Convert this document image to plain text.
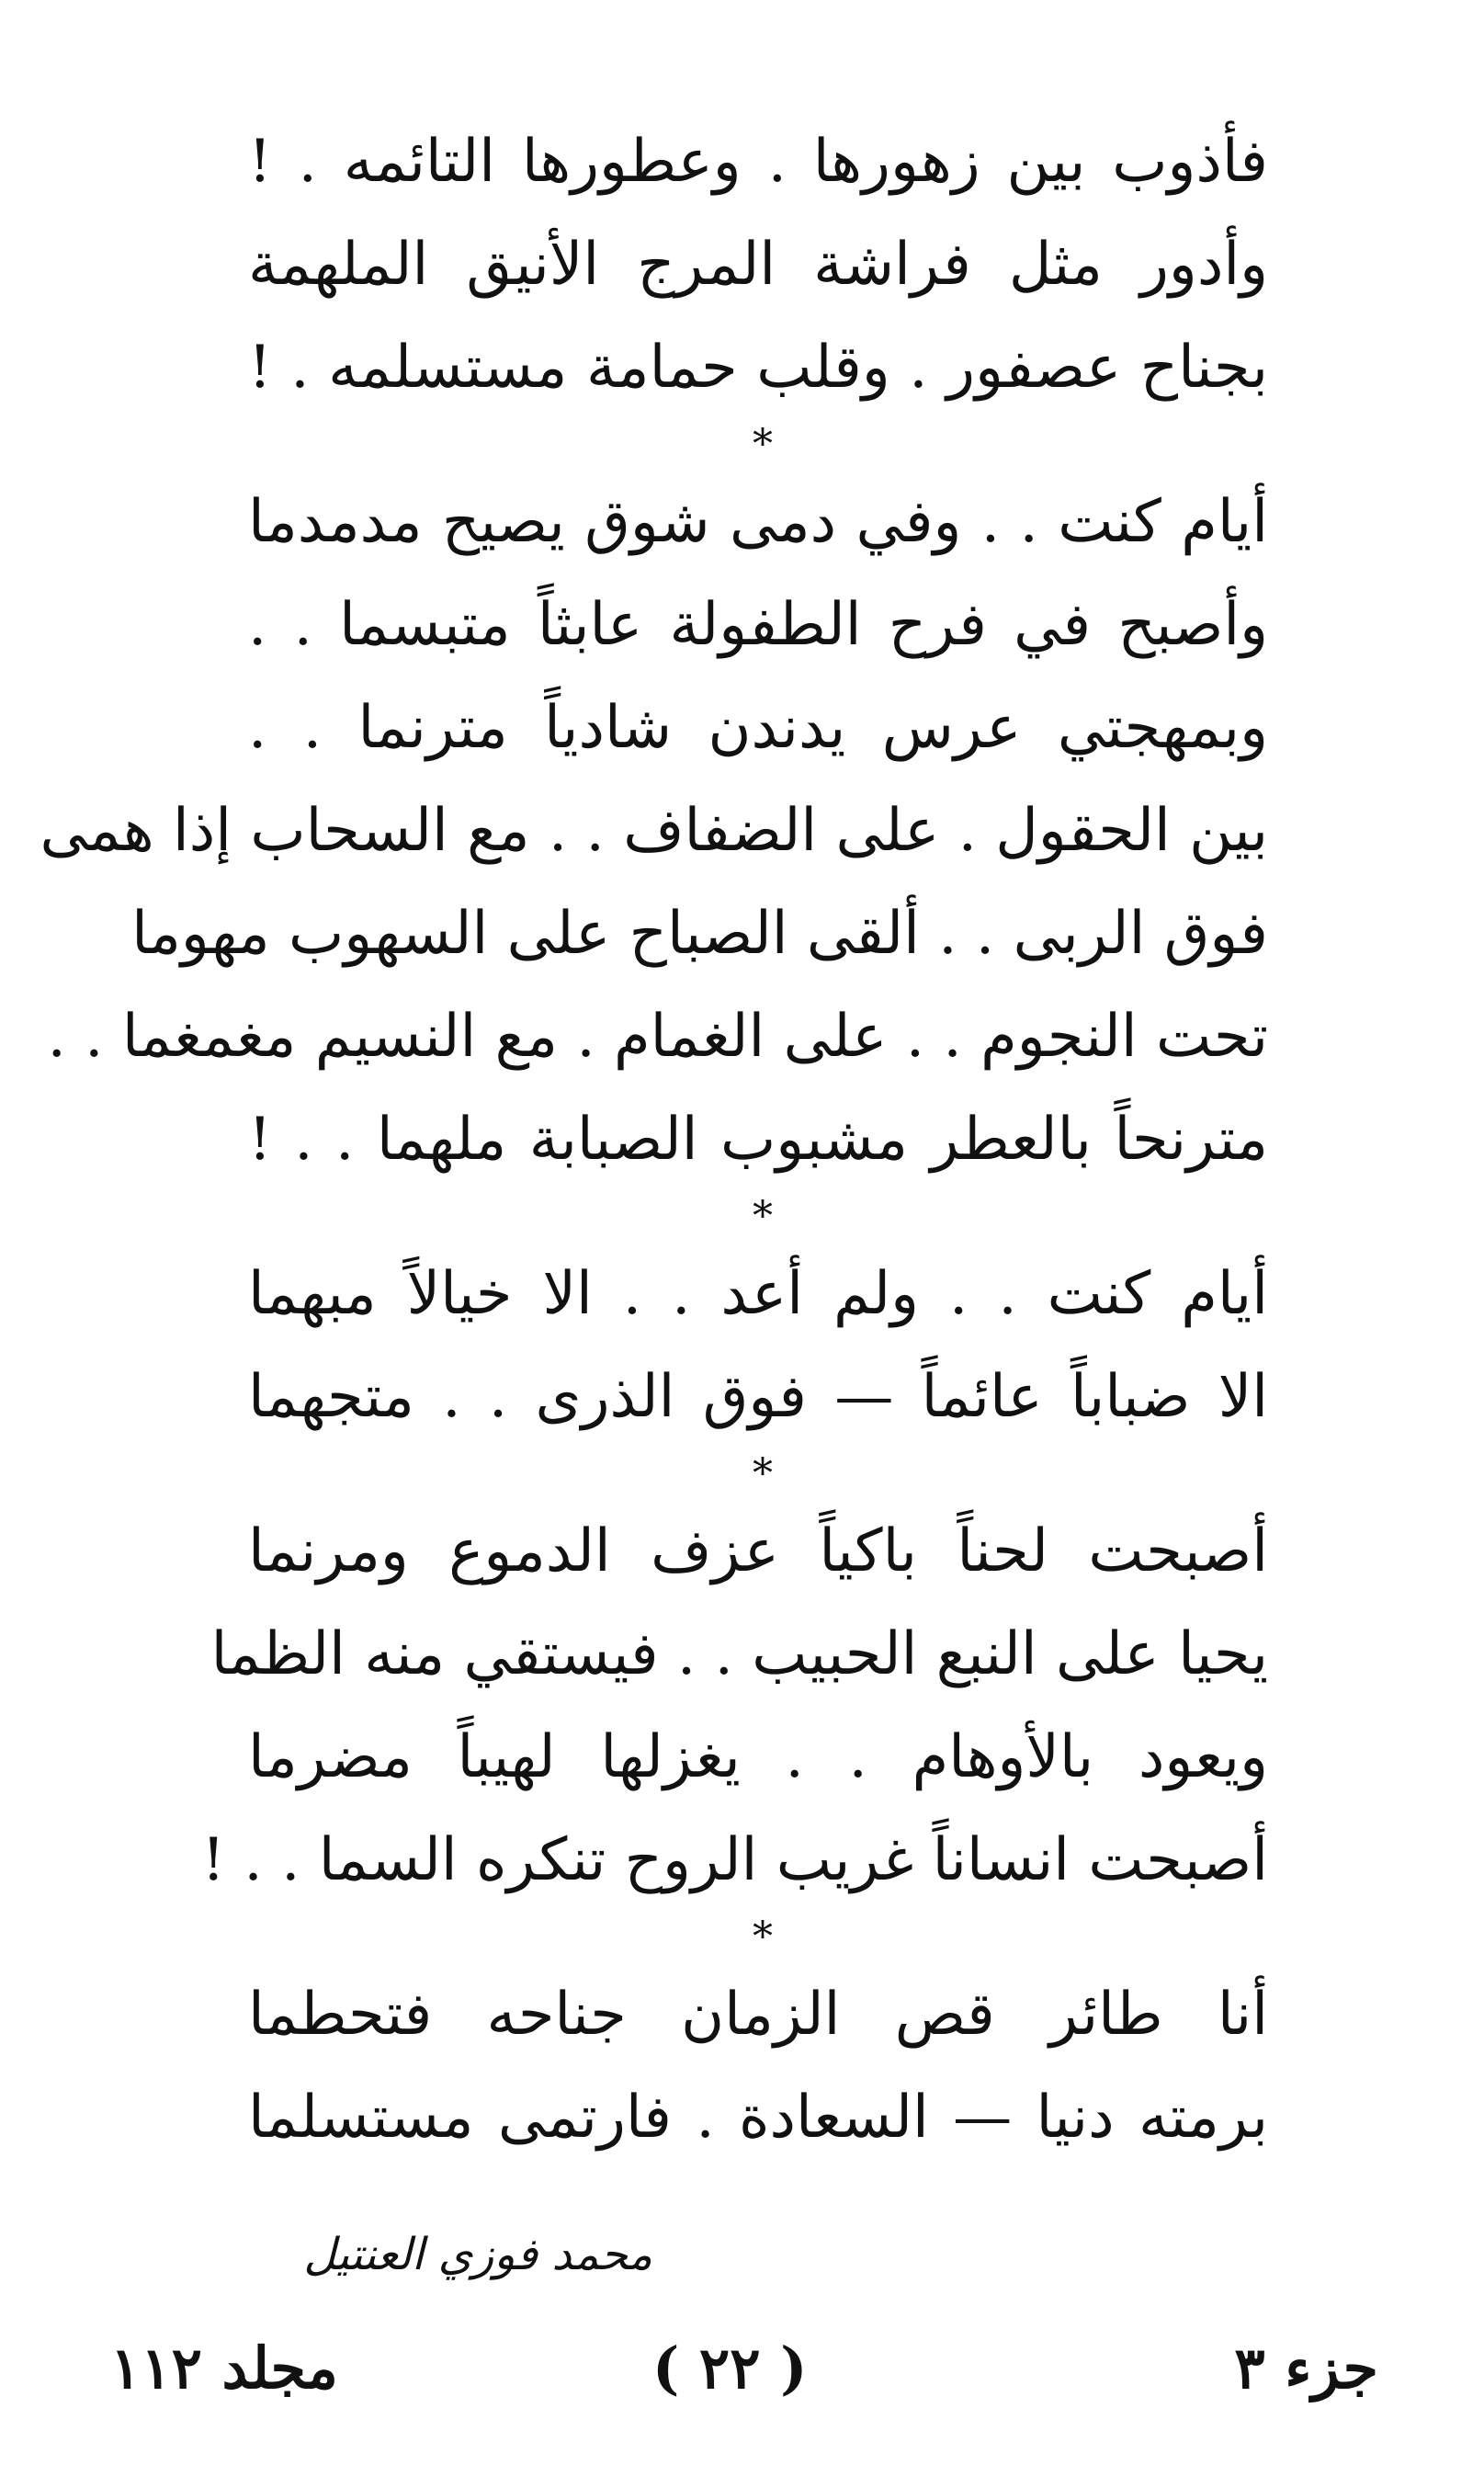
فأذوب بين زهورها . وعطورها التائمه . !
وأدور مثل فراشة المرج الأنيق الملهمة
بجناح عصفور . وقلب حمامة مستسلمه . !
*
أيام كنت . . وفي دمى شوق يصيح مدمدما
وأصبح في فرح الطفولة عابثاً متبسما . .
وبمهجتي عرس يدندن شادياً مترنما . .
بين الحقول . على الضفاف . . مع السحاب إذا همى
فوق الربى . . ألقى الصباح على السهوب مهوما
تحت النجوم . . على الغمام . مع النسيم مغمغما . .
مترنحاً بالعطر مشبوب الصبابة ملهما . . !
*
أيام كنت . . ولم أعد . . الا خيالاً مبهما
الا ضباباً عائماً — فوق الذرى . . متجهما
*
أصبحت لحناً باكياً عزف الدموع ومرنما
يحيا على النبع الحبيب . . فيستقي منه الظما
ويعود بالأوهام . . يغزلها لهيباً مضرما
أصبحت انساناً غريب الروح تنكره السما . . !
*
أنا طائر قص الزمان جناحه فتحطما
برمته دنيا — السعادة . فارتمى مستسلما
محمد فوزي العنتيل
جزء ٣
( ٢٢ )
مجلد ١١٢
